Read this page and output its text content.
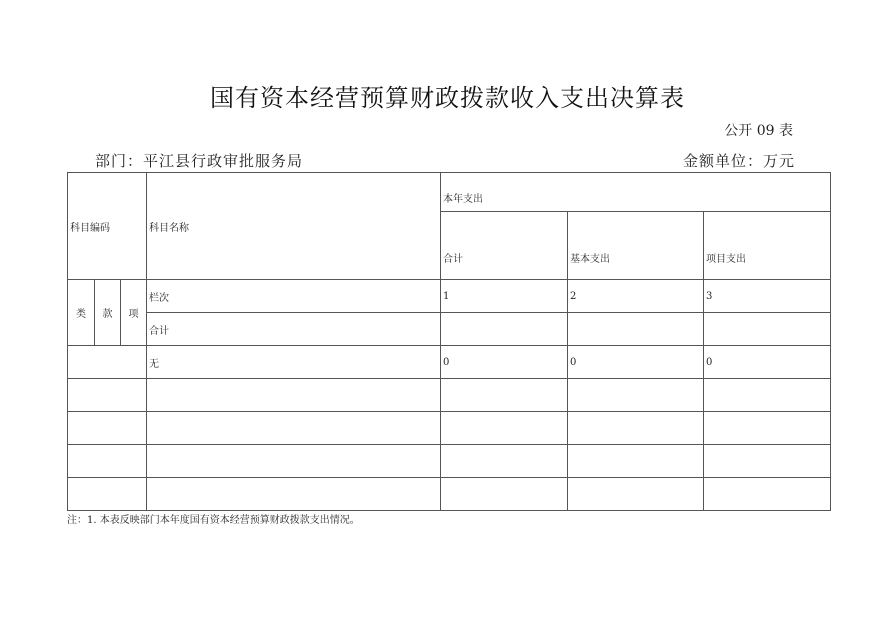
国有资本经营预算财政拨款收入支出决算表
公开 09 表
部门：平江县行政审批服务局	金额单位：万元
科目编码			科目名称	本年支出		
				合计	基本支出	项目支出
类	款	项	栏次	1	2	3
			合计			
			无	0	0	0

注：1. 本表反映部门本年度国有资本经营预算财政拨款支出情况。
